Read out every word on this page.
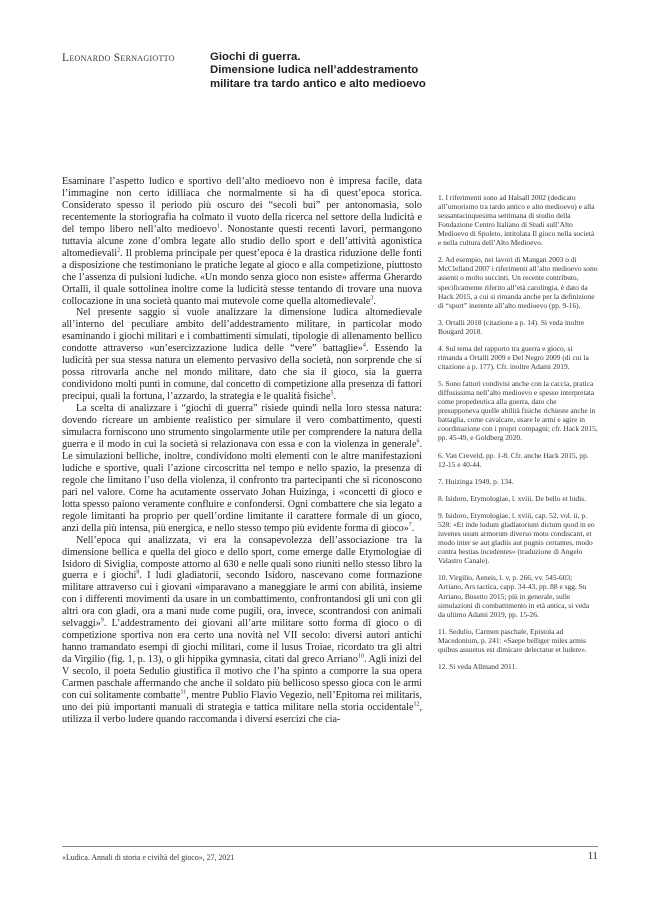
Leonardo Sernagiotto	Giochi di guerra.
Dimensione ludica nell’addestramento
militare tra tardo antico e alto medioevo

Esaminare l’aspetto ludico e sportivo dell’alto medioevo non è impresa facile, data l’immagine non certo idilliaca che normalmente si ha di quest’epoca storica. Considerato spesso il periodo più oscuro dei “secoli bui” per antonomasia, solo recentemente la storiografia ha colmato il vuoto della ricerca nel settore della ludicità e del tempo libero nell’alto medioevo$^1$. Nonostante questi recenti lavori, permangono tuttavia alcune zone d’ombra legate allo studio dello sport e dell’attività agonistica altomedievali$^2$. Il problema principale per quest’epoca è la drastica riduzione delle fonti a disposizione che testimoniano le pratiche legate al gioco e alla competizione, piuttosto che l’assenza di pulsioni ludiche. «Un mondo senza gioco non esiste» afferma Gherardo Ortalli, il quale sottolinea inoltre come la ludicità stesse tentando di trovare una nuova collocazione in una società quanto mai mutevole come quella altomedievale$^3$.

Nel presente saggio si vuole analizzare la dimensione ludica altomedievale all’interno del peculiare ambito dell’addestramento militare, in particolar modo esaminando i giochi militari e i combattimenti simulati, tipologie di allenamento bellico condotte attraverso «un’esercizzazione ludica delle “vere” battaglie»$^4$. Essendo la ludicità per sua stessa natura un elemento pervasivo della società, non sorprende che si possa ritrovarla anche nel mondo militare, dato che sia il gioco, sia la guerra condividono molti punti in comune, dal concetto di competizione alla presenza di fattori precipui, quali la fortuna, l’azzardo, la strategia e le qualità fisiche$^5$.

La scelta di analizzare i “giochi di guerra” risiede quindi nella loro stessa natura: dovendo ricreare un ambiente realistico per simulare il vero combattimento, questi simulacra forniscono uno strumento singolarmente utile per comprendere la natura della guerra e il modo in cui la società si relazionava con essa e con la violenza in generale$^6$. Le simulazioni belliche, inoltre, condividono molti elementi con le altre manifestazioni ludiche e sportive, quali l’azione circoscritta nel tempo e nello spazio, la presenza di regole che limitano l’uso della violenza, il confronto tra partecipanti che si riconoscono pari nel valore. Come ha acutamente osservato Johan Huizinga, i «concetti di gioco e lotta spesso paiono veramente confluire e confondersi. Ogni combattere che sia legato a regole limitanti ha proprio per quell’ordine limitante il carattere formale di un gioco, anzi della più intensa, più energica, e nello stesso tempo più evidente forma di gioco»$^7$.

Nell’epoca qui analizzata, vi era la consapevolezza dell’associazione tra la dimensione bellica e quella del gioco e dello sport, come emerge dalle Etymologiae di Isidoro di Siviglia, composte attorno al 630 e nelle quali sono riuniti nello stesso libro la guerra e i giochi$^8$. I ludi gladiatorii, secondo Isidoro, nascevano come formazione militare attraverso cui i giovani «imparavano a maneggiare le armi con abilità, insieme con i differenti movimenti da usare in un combattimento, confrontandosi gli uni con gli altri ora con gladi, ora a mani nude come pugili, ora, invece, scontrandosi con animali selvaggi»$^9$. L’addestramento dei giovani all’arte militare sotto forma di gioco o di competizione sportiva non era certo una novità nel VII secolo: diversi autori antichi hanno tramandato esempi di giochi militari, come il lusus Troiae, ricordato tra gli altri da Virgilio (fig. 1, p. 13), o gli hippika gymnasia, citati dal greco Arriano$^{10}$. Agli inizi del V secolo, il poeta Sedulio giustifica il motivo che l’ha spinto a comporre la sua opera Carmen paschale affermando che anche il soldato più bellicoso spesso gioca con le armi con cui solitamente combatte$^{11}$, mentre Publio Flavio Vegezio, nell’Epitoma rei militaris, uno dei più importanti manuali di strategia e tattica militare nella storia occidentale$^{12}$, utilizza il verbo ludere quando raccomanda i diversi esercizi che cia-

1. I riferimenti sono ad Halsall 2002 (dedicato all’umorismo tra tardo antico e alto medioevo) e alla sessantacinquesima settimana di studio della Fondazione Centro Italiano di Studi sull’Alto Medioevo di Spoleto, intitolata Il gioco nella società e nella cultura dell’Alto Medioevo.
2. Ad esempio, nei lavori di Mangan 2003 o di McClelland 2007 i riferimenti all’alto medioevo sono assenti o molto succinti. Un recente contributo, specificamente riferito all’età carolingia, è dato da Hack 2015, a cui si rimanda anche per la definizione di “sport” inerente all’alto medioevo (pp. 9-16).
3. Ortalli 2018 (citazione a p. 14). Si veda inoltre Bougard 2018.
4. Sul tema del rapporto tra guerra e gioco, si rimanda a Ortalli 2009 e Del Negro 2009 (di cui la citazione a p. 177). Cfr. inoltre Adami 2019.
5. Sono fattori condivisi anche con la caccia, pratica diffusissima nell’alto medioevo e spesso interpretata come propedeutica alla guerra, dato che presupponeva quelle abilità fisiche richieste anche in battaglia, come cavalcare, usare le armi e agire in coordinazione con i propri compagni; cfr. Hack 2015, pp. 45-49, e Goldberg 2020.
6. Van Creveld, pp. 1-8. Cfr. anche Hack 2015, pp. 12-15 e 40-44.
7. Huizinga 1949, p. 134.
8. Isidoro, Etymologiae, l. xviii, De bello et ludis.
9. Isidoro, Etymologiae, l. xviii, cap. 52, vol. ii, p. 528: «Et inde ludum gladiatorium dictum quod in eo iuvenes usum armorum diverso motu condiscant, et modo inter se aut gladiis aut pugnis certantes, modo contra bestias incedentes» (traduzione di Angelo Valastro Canale).
10. Virgilio, Aeneis, l. v, p. 266, vv. 545-603; Arriano, Ars tactica, capp. 34-43, pp. 88 e sgg. Su Arriano, Busetto 2015; più in generale, sulle simulazioni di combattimento in età antica, si veda da ultimo Adami 2019, pp. 15-26.
11. Sedulio, Carmen paschale, Epistola ad Macedonium, p. 241: «Saepe belliger miles armis quibus assuetus est dimicare delectatur et ludere».
12. Si veda Allmand 2011.
«Ludica. Annali di storia e civiltà del gioco», 27, 2021	11
